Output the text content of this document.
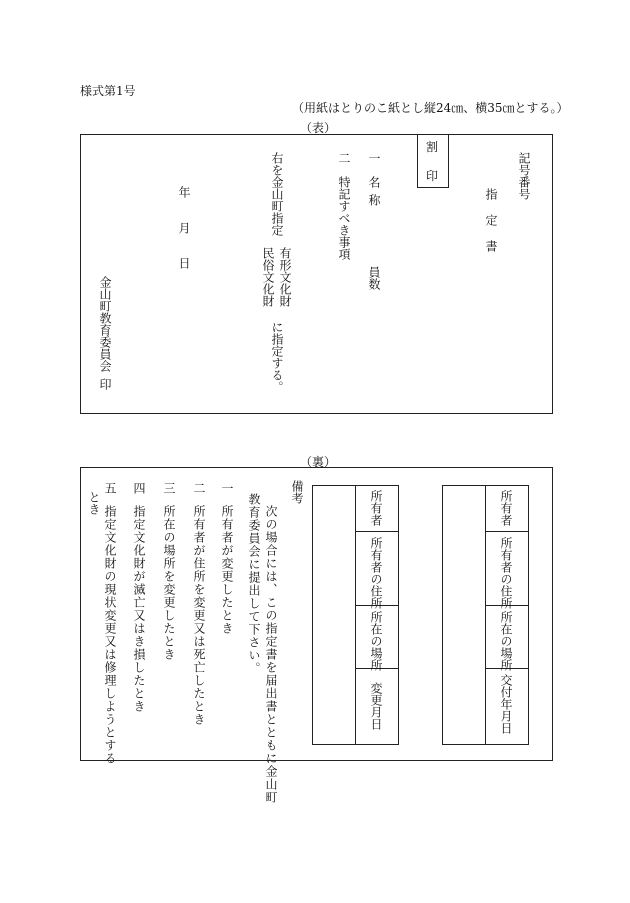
様式第1号
（用紙はとりのこ紙とし縦24㎝、横35㎝とする。）
（表）
割
印	記号番号
指定書
一
名称
員数
二
特記すべき事項
右を金山町指定
有形文化財
民俗文化財
に指定する。
年
月
日
金山町教育委員会
印
（裏）
所有者
所有者の住所
所在の場所
交付年月日
所有者
所有者の住所
所在の場所
変更月日
備考
次の場合には、この指定書を届出書とともに金山町
教育委員会に提出して下さい。
一
所有者が変更したとき
二
所有者が住所を変更又は死亡したとき
三
所在の場所を変更したとき
四
指定文化財が滅亡又はき損したとき
五
指定文化財の現状変更又は修理しようとする
とき
